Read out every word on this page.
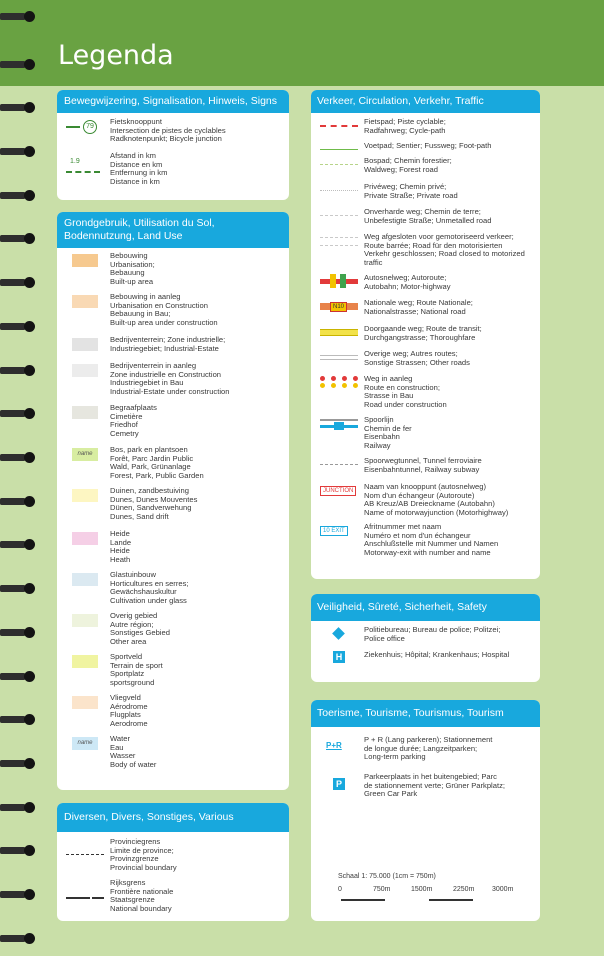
Legenda
Bewegwijzering, Signalisation, Hinweis, Signs
79
Fietsknooppunt
Intersection de pistes de cyclables
Radknotenpunkt; Bicycle junction
1.9
Afstand in km
Distance en km
Entfernung in km
Distance in km
Grondgebruik, Utilisation du Sol, Bodennutzung, Land Use
Bebouwing
Urbanisation;
Bebauung
Built-up area
Bebouwing in aanleg
Urbanisation en Construction
Bebauung in Bau;
Built-up area under construction
Bedrijventerrein; Zone industrielle;
Industriegebiet; Industrial-Estate
Bedrijventerrein in aanleg
Zone industrielle en Construction
Industriegebiet in Bau
Industrial-Estate under construction
Begraafplaats
Cimetière
Friedhof
Cemetry
name	Bos, park en plantsoen
Forêt, Parc Jardin Public
Wald, Park, Grünanlage
Forest, Park, Public Garden
Duinen, zandbestuiving
Dunes, Dunes Mouventes
Dünen, Sandverwehung
Dunes, Sand drift
Heide
Lande
Heide
Heath
Glastuinbouw
Horticultures en serres;
Gewächshauskultur
Cultivation under glass
Overig gebied
Autre région;
Sonstiges Gebied
Other area
Sportveld
Terrain de sport
Sportplatz
sportsground
Vliegveld
Aérodrome
Flugplats
Aerodrome
name	Water
Eau
Wasser
Body of water
Diversen, Divers, Sonstiges, Various
Provinciegrens
Limite de province;
Provinzgrenze
Provincial boundary
Rijksgrens
Frontière nationale
Staatsgrenze
National boundary
Verkeer, Circulation, Verkehr, Traffic
Fietspad; Piste cyclable;
Radfahrweg; Cycle-path
Voetpad; Sentier; Fussweg; Foot-path
Bospad; Chemin forestier;
Waldweg; Forest road
Privéweg; Chemin privé;
Private Straße; Private road
Onverharde weg; Chemin de terre;
Unbefestigte Straße; Unmetalled road
Weg afgesloten voor gemotoriseerd verkeer;
Route barrée; Road für den motorisierten
Verkehr geschlossen; Road closed to motorized
traffic
Autosnelweg; Autoroute;
Autobahn; Motor-highway
N10	Nationale weg; Route Nationale;
Nationalstrasse; National road
Doorgaande weg; Route de transit;
Durchgangstrasse; Thoroughfare
Overige weg; Autres routes;
Sonstige Strassen; Other roads
Weg in aanleg
Route en construction;
Strasse in Bau
Road under construction
Spoorlijn
Chemin de fer
Eisenbahn
Railway
Spoorwegtunnel, Tunnel ferroviaire
Eisenbahntunnel, Railway subway
JUNCTION	Naam van knooppunt (autosnelweg)
Nom d'un échangeur (Autoroute)
AB Kreuz/AB Dreieckname (Autobahn)
Name of motorwayjunction (Motorhighway)
10 EXIT	Afritnummer met naam
Numéro et nom d'un échangeur
Anschlußstelle mit Nummer und Namen
Motorway-exit with number and name
Veiligheid, Sûreté, Sicherheit, Safety
Politiebureau; Bureau de police; Politzei;
Police office
H	Ziekenhuis; Hôpital; Krankenhaus; Hospital
Toerisme, Tourisme, Tourismus, Tourism
P+R
P + R (Lang parkeren); Stationnement
de longue durée; Langzeitparken;
Long-term parking
P
Parkeerplaats in het buitengebied; Parc
de stationnement verte; Grüner Parkplatz;
Green Car Park
Schaal 1: 75.000 (1cm = 750m)
0	750m	1500m	2250m	3000m
